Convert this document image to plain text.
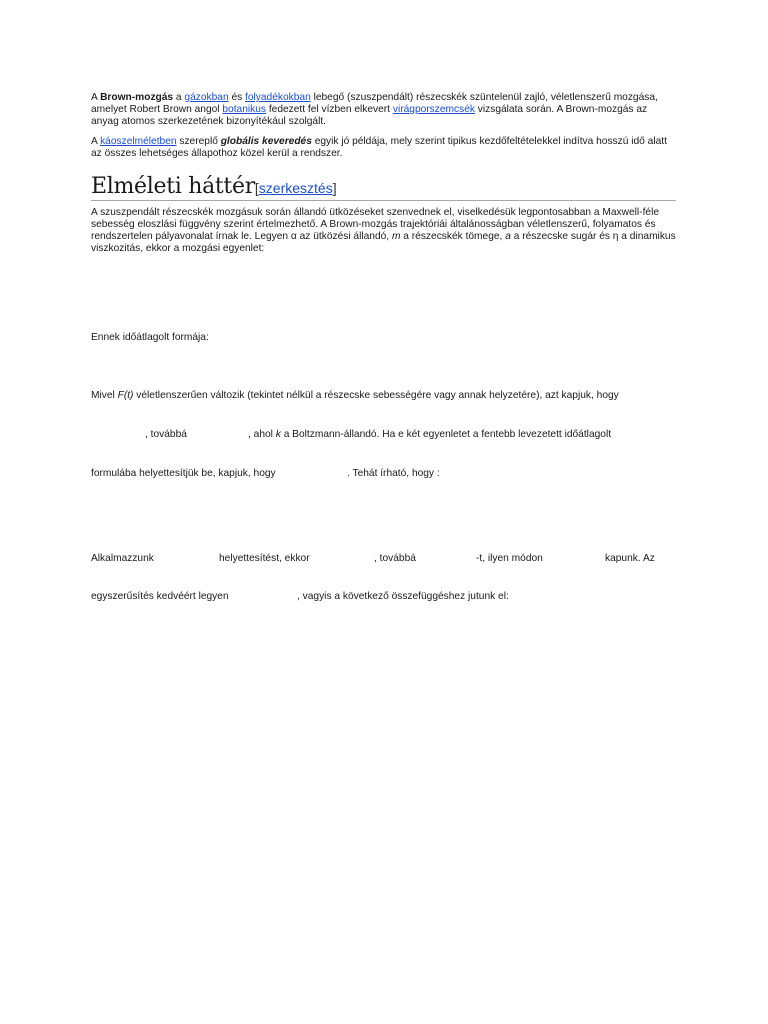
A Brown-mozgás a gázokban és folyadékokban lebegő (szuszpendált) részecskék szüntelenül zajló, véletlenszerű mozgása, amelyet Robert Brown angol botanikus fedezett fel vízben elkevert virágporszemcsék vizsgálata során. A Brown-mozgás az anyag atomos szerkezetének bizonyítékául szolgált.

A káoszelméletben szereplő globális keveredés egyik jó példája, mely szerint tipikus kezdőfeltételekkel indítva hosszú idő alatt az összes lehetséges állapothoz közel kerül a rendszer.

Elméleti háttér[szerkesztés]

A szuszpendált részecskék mozgásuk során állandó ütközéseket szenvednek el, viselkedésük legpontosabban a Maxwell-féle sebesség eloszlási függvény szerint értelmezhető. A Brown-mozgás trajektóriái általánosságban véletlenszerű, folyamatos és rendszertelen pályavonalat írnak le. Legyen α az ütközési állandó, m a részecskék tömege, a a részecske sugár és η a dinamikus viszkozitás, ekkor a mozgási egyenlet:

Ennek időátlagolt formája:
Mivel F(t) véletlenszerűen változik (tekintet nélkül a részecske sebességére vagy annak helyzetére), azt kapjuk, hogy
, továbbá	, ahol k a Boltzmann-állandó. Ha e két egyenletet a fentebb levezetett időátlagolt
formulába helyettesítjük be, kapjuk, hogy	. Tehát írható, hogy :
Alkalmazzunk	helyettesítést, ekkor	, továbbá	-t, ilyen módon	kapunk. Az
egyszerűsítés kedvéért legyen	, vagyis a következő összefüggéshez jutunk el:
